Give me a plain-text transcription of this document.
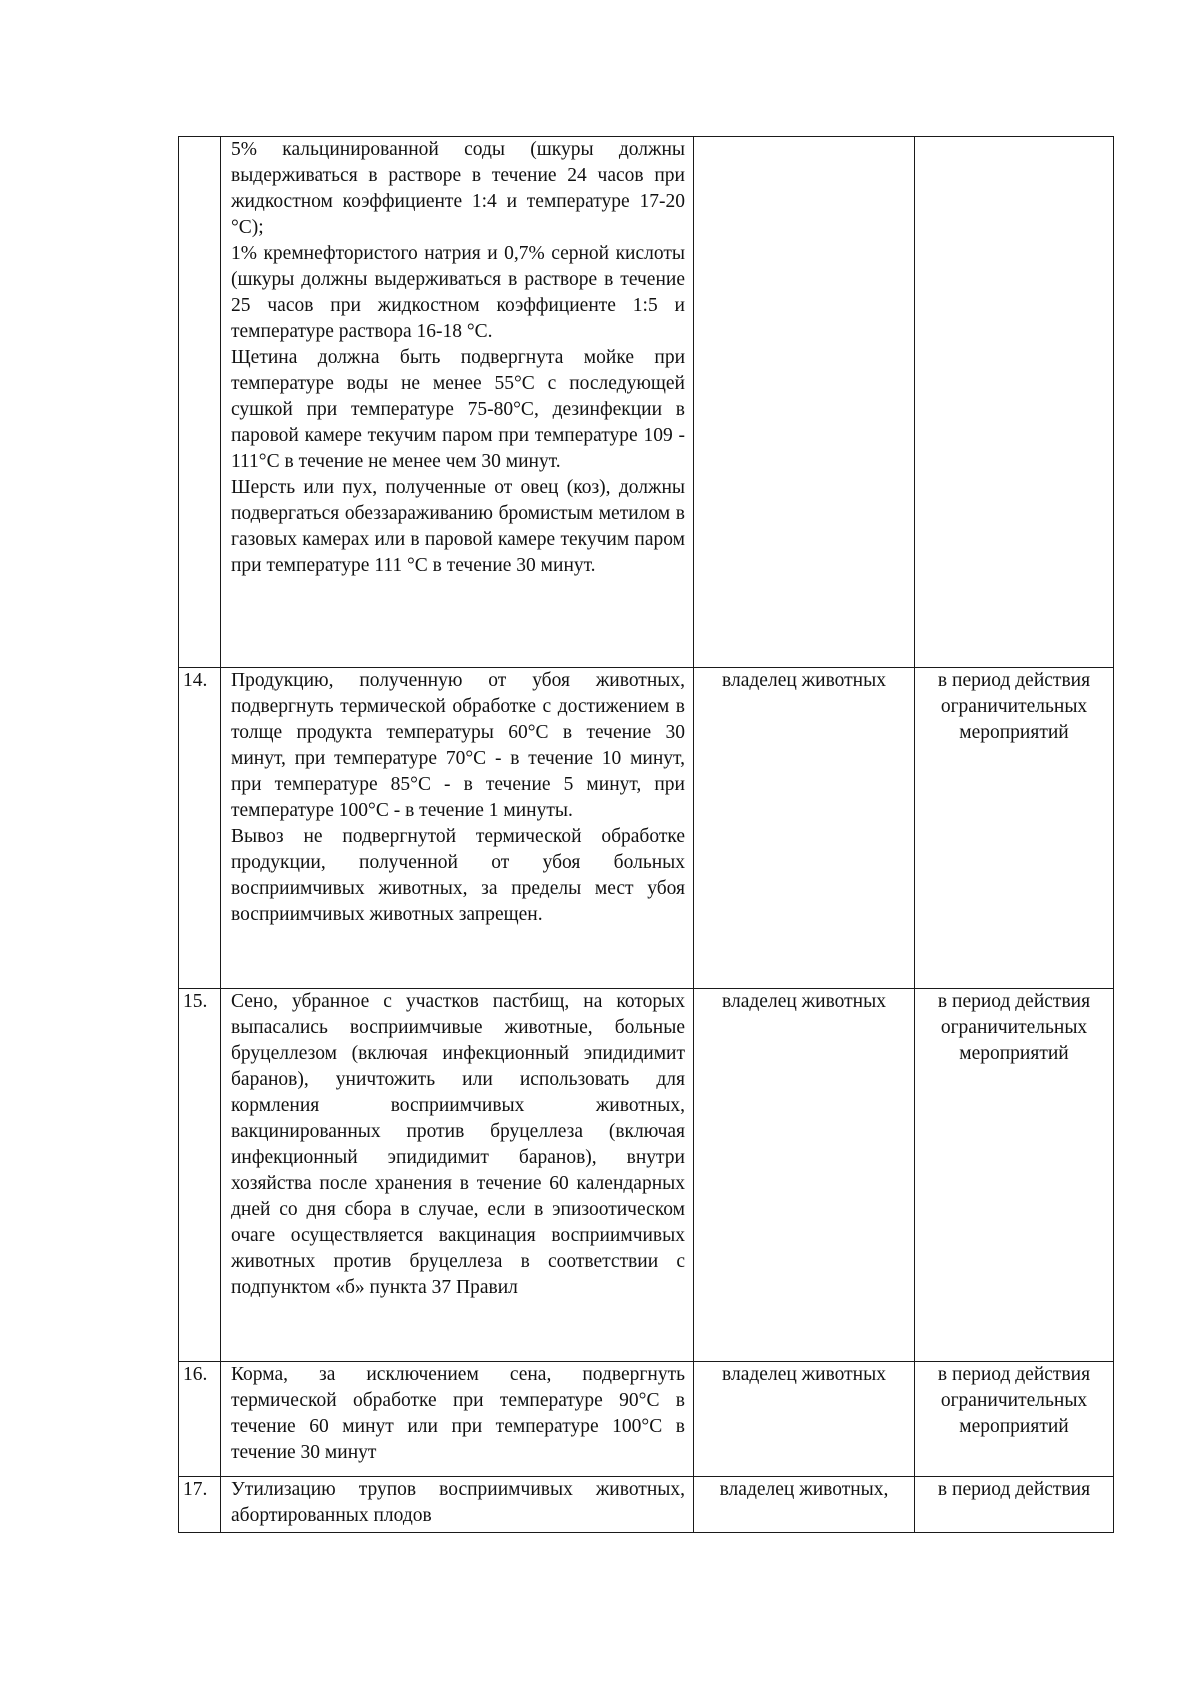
	5% кальцинированной соды (шкуры должны выдерживаться в растворе в течение 24 часов при жидкостном коэффициенте 1:4 и температуре 17-20 °С);

1% кремнефтористого натрия и 0,7% серной кислоты (шкуры должны выдерживаться в растворе в течение 25 часов при жидкостном коэффициенте 1:5 и температуре раствора 16-18 °С.

Щетина должна быть подвергнута мойке при температуре воды не менее 55°С с последующей сушкой при температуре 75-80°С, дезинфекции в паровой камере текучим паром при температуре 109 - 111°С в течение не менее чем 30 минут.

Шерсть или пух, полученные от овец (коз), должны подвергаться обеззараживанию бромистым метилом в газовых камерах или в паровой камере текучим паром при температуре 111 °С в течение 30 минут.		

14.	Продукцию, полученную от убоя животных, подвергнуть термической обработке с достижением в толще продукта температуры 60°С в течение 30 минут, при температуре 70°С - в течение 10 минут, при температуре 85°С - в течение 5 минут, при температуре 100°С - в течение 1 минуты.

Вывоз не подвергнутой термической обработке продукции, полученной от убоя больных восприимчивых животных, за пределы мест убоя восприимчивых животных запрещен.	владелец животных	в период действия ограничительных мероприятий
15.	Сено, убранное с участков пастбищ, на которых выпасались восприимчивые животные, больные бруцеллезом (включая инфекционный эпидидимит баранов), уничтожить или использовать для кормления восприимчивых животных, вакцинированных против бруцеллеза (включая инфекционный эпидидимит баранов), внутри хозяйства после хранения в течение 60 календарных дней со дня сбора в случае, если в эпизоотическом очаге осуществляется вакцинация восприимчивых животных против бруцеллеза в соответствии с подпунктом «б» пункта 37 Правил	владелец животных	в период действия ограничительных мероприятий
16.	Корма, за исключением сена, подвергнуть термической обработке при температуре 90°С в течение 60 минут или при температуре 100°С в течение 30 минут	владелец животных	в период действия ограничительных мероприятий
17.	Утилизацию трупов восприимчивых животных, абортированных плодов	владелец животных,	в период действия
